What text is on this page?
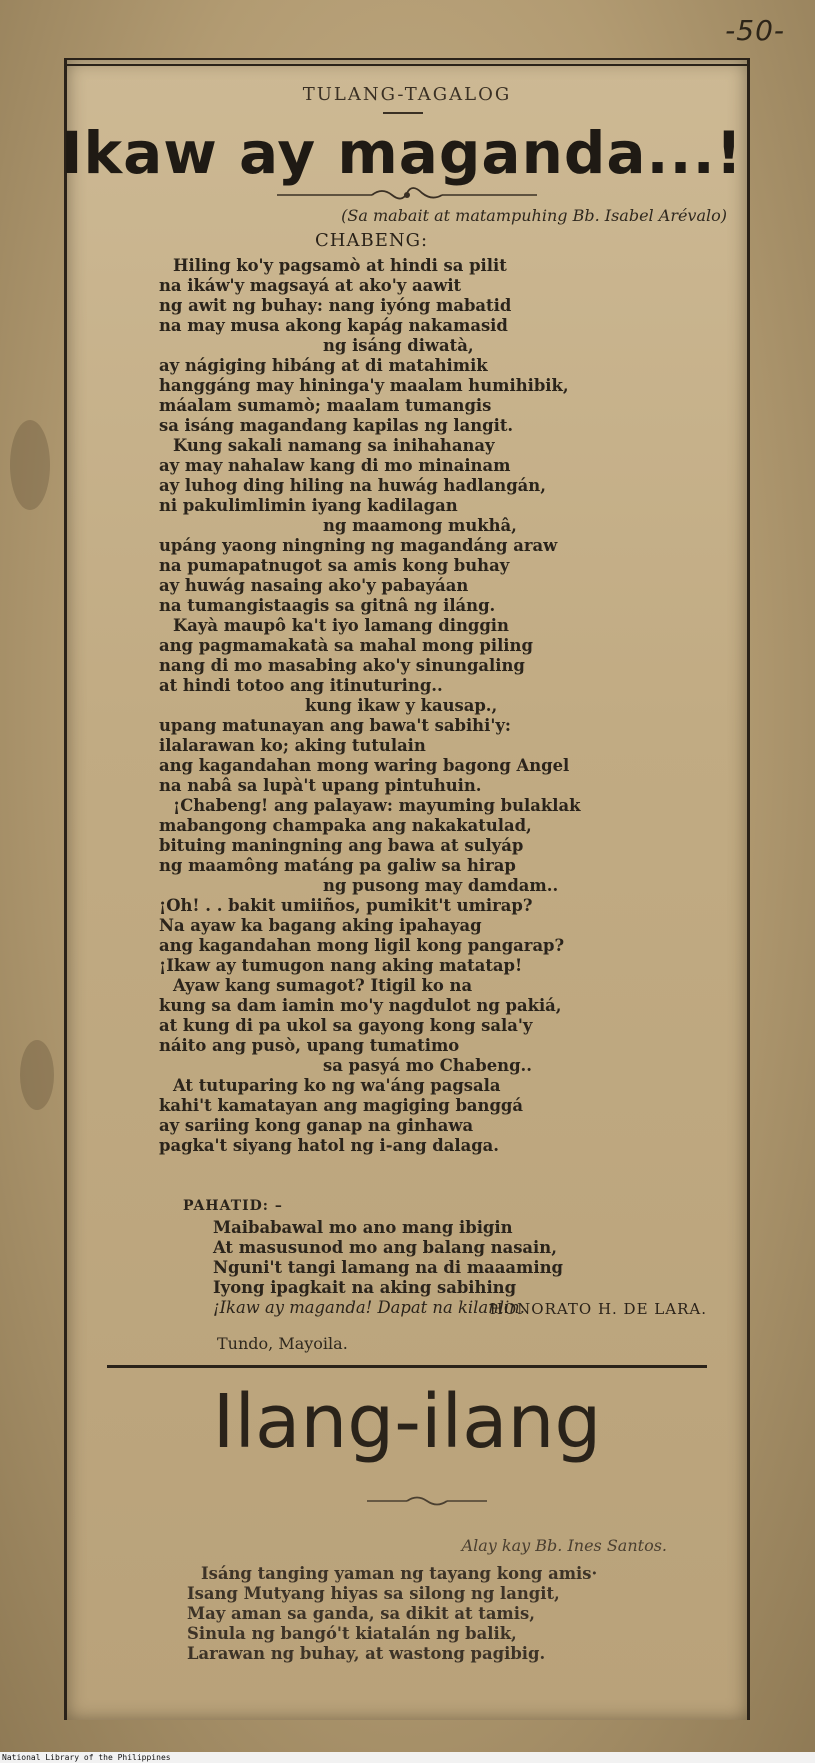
-50-
TULANG-TAGALOG
Ikaw ay maganda...!
(Sa mabait at matampuhing Bb. Isabel Arévalo)
CHABENG:
Hiling ko'y pagsamò at hindi sa pilit
na ikáw'y magsayá at ako'y aawit
ng awit ng buhay: nang iyóng mabatid
na may musa akong kapág nakamasid
ng isáng diwatà,
ay nágiging hibáng at di matahimik
hanggáng may hininga'y maalam humihibik,
máalam sumamò; maalam tumangis
sa isáng magandang kapilas ng langit.
Kung sakali namang sa inihahanay
ay may nahalaw kang di mo minainam
ay luhog ding hiling na huwág hadlangán,
ni pakulimlimin iyang kadilagan
ng maamong mukhâ,
upáng yaong ningning ng magandáng araw
na pumapatnugot sa amis kong buhay
ay huwág nasaing ako'y pabayáan
na tumangistaagis sa gitnâ ng iláng.
Kayà maupô ka't iyo lamang dinggin
ang pagmamakatà sa mahal mong piling
nang di mo masabing ako'y sinungaling
at hindi totoo ang itinuturing..
kung ikaw y kausap.,
upang matunayan ang bawa't sabihi'y:
ilalarawan ko; aking tutulain
ang kagandahan mong waring bagong Angel
na nabâ sa lupà't upang pintuhuin.
¡Chabeng! ang palayaw: mayuming bulaklak
mabangong champaka ang nakakatulad,
bituing maningning ang bawa at sulyáp
ng maamông matáng pa galiw sa hirap
ng pusong may damdam..
¡Oh! . . bakit umiiños, pumikit't umirap?
Na ayaw ka bagang aking ipahayag
ang kagandahan mong ligil kong pangarap?
¡Ikaw ay tumugon nang aking matatap!
Ayaw kang sumagot? Itigil ko na
kung sa dam iamin mo'y nagdulot ng pakiá,
at kung di pa ukol sa gayong kong sala'y
náito ang pusò, upang tumatimo
sa pasyá mo Chabeng..
At tutuparing ko ng wa'áng pagsala
kahi't kamatayan ang magiging banggá
ay sariing kong ganap na ginhawa
pagka't siyang hatol ng i-ang dalaga.
PAHATID: –
Maibabawal mo ano mang ibigin
At masusunod mo ang balang nasain,
Nguni't tangi lamang na di maaaming
Iyong ipagkait na aking sabihing
¡Ikaw ay maganda! Dapat na kilanlin.
HONORATO H. DE LARA.
Tundo, Mayoila.
Ilang-ilang
Alay kay Bb. Ines Santos.
Isáng tanging yaman ng tayang kong amis·
Isang Mutyang hiyas sa silong ng langit,
May aman sa ganda, sa dikit at tamis,
Sinula ng bangó't kiatalán ng balik,
Larawan ng buhay, at wastong pagibig.
National Library of the Philippines
